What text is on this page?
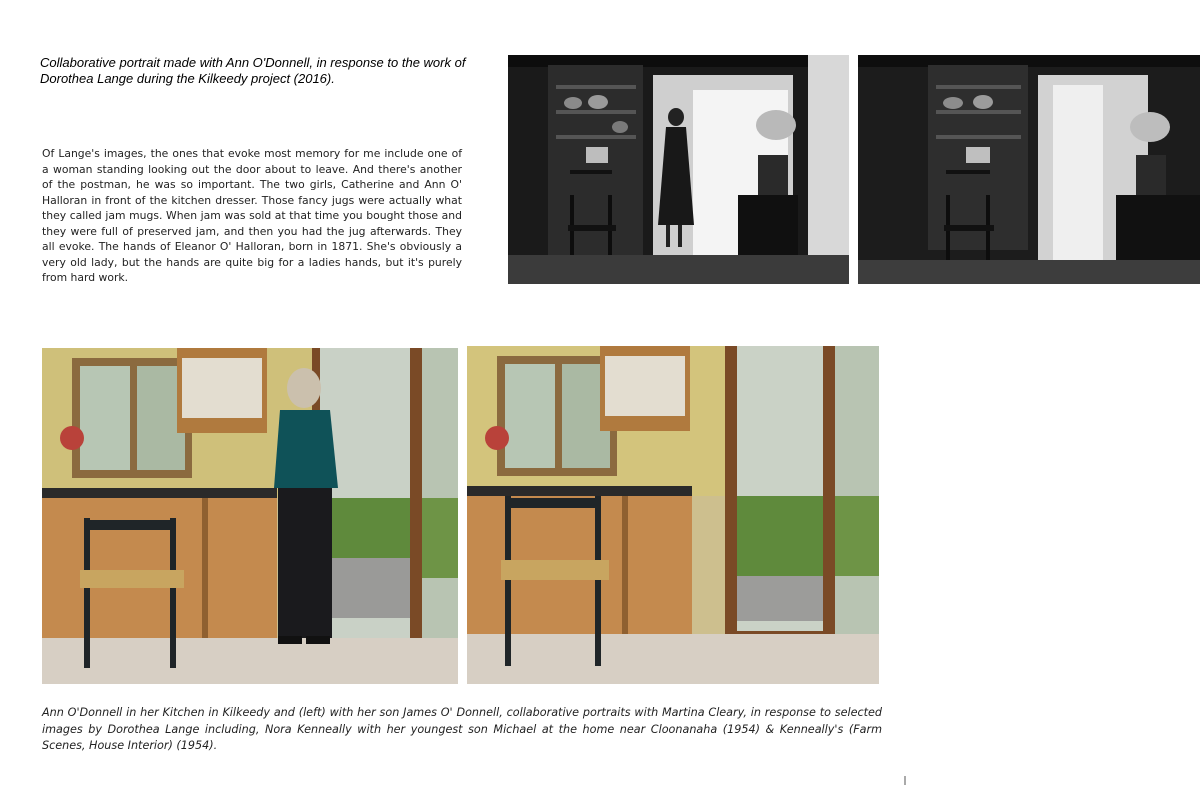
Collaborative portrait made with Ann O'Donnell, in response to the work of Dorothea Lange during the Kilkeedy project (2016).
Of Lange's images, the ones that evoke most memory for me include one of a woman standing looking out the door about to leave. And there's another of the postman, he was so important. The two girls, Catherine and Ann O' Halloran in front of the kitchen dresser. Those fancy jugs were actually what they called jam mugs. When jam was sold at that time you bought those and they were full of preserved jam, and then you had the jug afterwards. They all evoke. The hands of Eleanor O' Halloran, born in 1871. She's obviously a very old lady, but the hands are quite big for a ladies hands, but it's purely from hard work.
Ann O'Donnell in her Kitchen in Kilkeedy and (left) with her son James O' Donnell, collaborative portraits with Martina Cleary, in response to selected images by Dorothea Lange including, Nora Kenneally with her youngest son Michael at the home near Cloonanaha (1954) & Kenneally's (Farm Scenes, House Interior) (1954).
